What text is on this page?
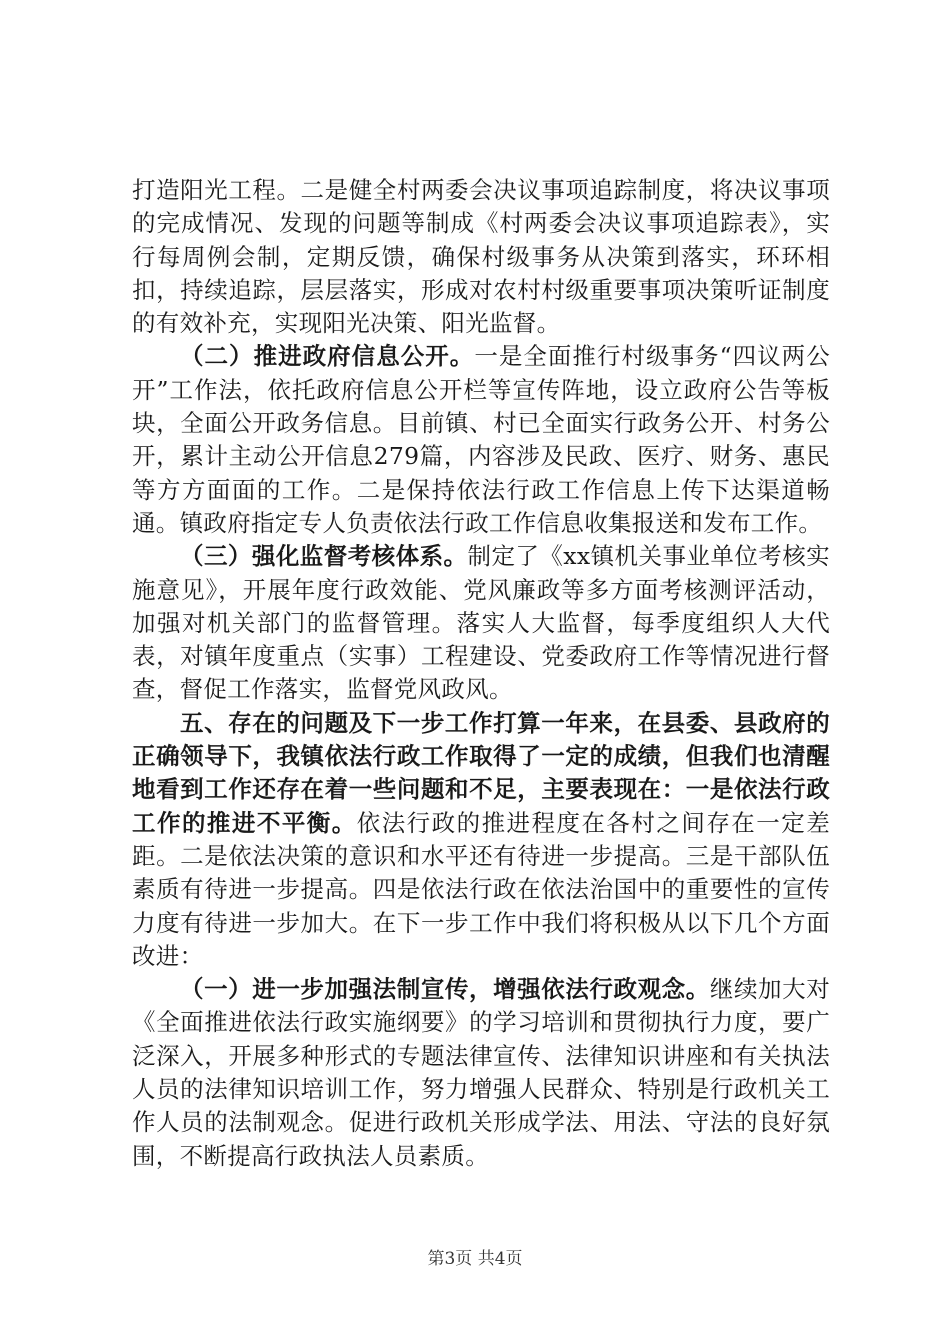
打造阳光工程。二是健全村两委会决议事项追踪制度，将决议事项的完成情况、发现的问题等制成《村两委会决议事项追踪表》，实行每周例会制，定期反馈，确保村级事务从决策到落实，环环相扣，持续追踪，层层落实，形成对农村村级重要事项决策听证制度的有效补充，实现阳光决策、阳光监督。

（二）推进政府信息公开。一是全面推行村级事务“四议两公开”工作法，依托政府信息公开栏等宣传阵地，设立政府公告等板块，全面公开政务信息。目前镇、村已全面实行政务公开、村务公开，累计主动公开信息279篇，内容涉及民政、医疗、财务、惠民等方方面面的工作。二是保持依法行政工作信息上传下达渠道畅通。镇政府指定专人负责依法行政工作信息收集报送和发布工作。

（三）强化监督考核体系。制定了《xx镇机关事业单位考核实施意见》，开展年度行政效能、党风廉政等多方面考核测评活动，加强对机关部门的监督管理。落实人大监督，每季度组织人大代表，对镇年度重点（实事）工程建设、党委政府工作等情况进行督查，督促工作落实，监督党风政风。

五、存在的问题及下一步工作打算一年来，在县委、县政府的正确领导下，我镇依法行政工作取得了一定的成绩，但我们也清醒地看到工作还存在着一些问题和不足，主要表现在：一是依法行政工作的推进不平衡。依法行政的推进程度在各村之间存在一定差距。二是依法决策的意识和水平还有待进一步提高。三是干部队伍素质有待进一步提高。四是依法行政在依法治国中的重要性的宣传力度有待进一步加大。在下一步工作中我们将积极从以下几个方面改进：

（一）进一步加强法制宣传，增强依法行政观念。继续加大对《全面推进依法行政实施纲要》的学习培训和贯彻执行力度，要广泛深入，开展多种形式的专题法律宣传、法律知识讲座和有关执法人员的法律知识培训工作，努力增强人民群众、特别是行政机关工作人员的法制观念。促进行政机关形成学法、用法、守法的良好氛围，不断提高行政执法人员素质。

第3页 共4页
